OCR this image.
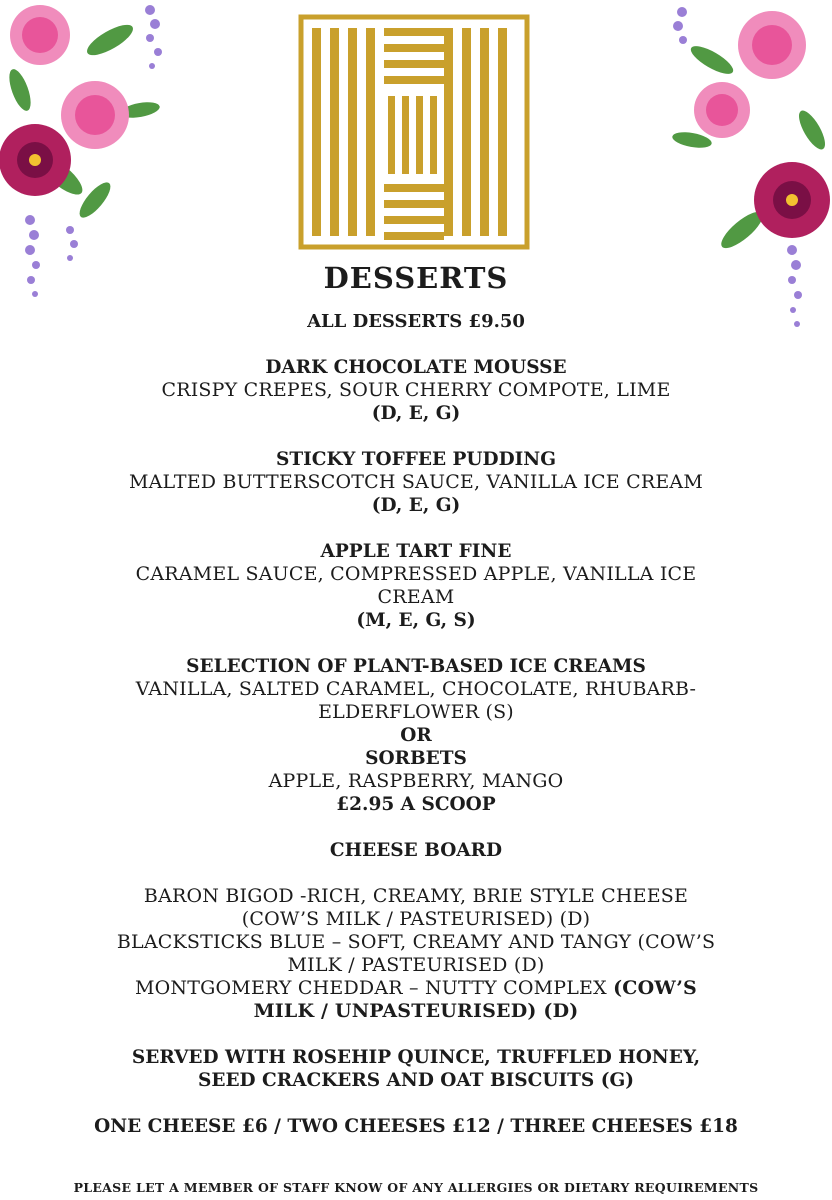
DESSERTS
ALL DESSERTS £9.50
DARK CHOCOLATE MOUSSE
CRISPY CREPES, SOUR CHERRY COMPOTE, LIME
(D, E, G)
STICKY TOFFEE PUDDING
MALTED BUTTERSCOTCH SAUCE, VANILLA ICE CREAM
(D, E, G)
APPLE TART FINE
CARAMEL SAUCE, COMPRESSED APPLE, VANILLA ICE CREAM
(M, E, G, S)
SELECTION OF PLANT-BASED ICE CREAMS
VANILLA, SALTED CARAMEL, CHOCOLATE, RHUBARB-ELDERFLOWER (S)
OR
SORBETS
APPLE, RASPBERRY, MANGO
£2.95 A SCOOP
CHEESE BOARD
BARON BIGOD -RICH, CREAMY, BRIE STYLE CHEESE (COW’S MILK / PASTEURISED) (D)
BLACKSTICKS BLUE – SOFT, CREAMY AND TANGY (COW’S MILK / PASTEURISED (D)
MONTGOMERY CHEDDAR – NUTTY COMPLEX (COW’S MILK / UNPASTEURISED) (D)
SERVED WITH ROSEHIP QUINCE, TRUFFLED HONEY, SEED CRACKERS AND OAT BISCUITS (G)
ONE CHEESE £6 / TWO CHEESES £12 / THREE CHEESES £18
PLEASE LET A MEMBER OF STAFF KNOW OF ANY ALLERGIES OR DIETARY REQUIREMENTS
